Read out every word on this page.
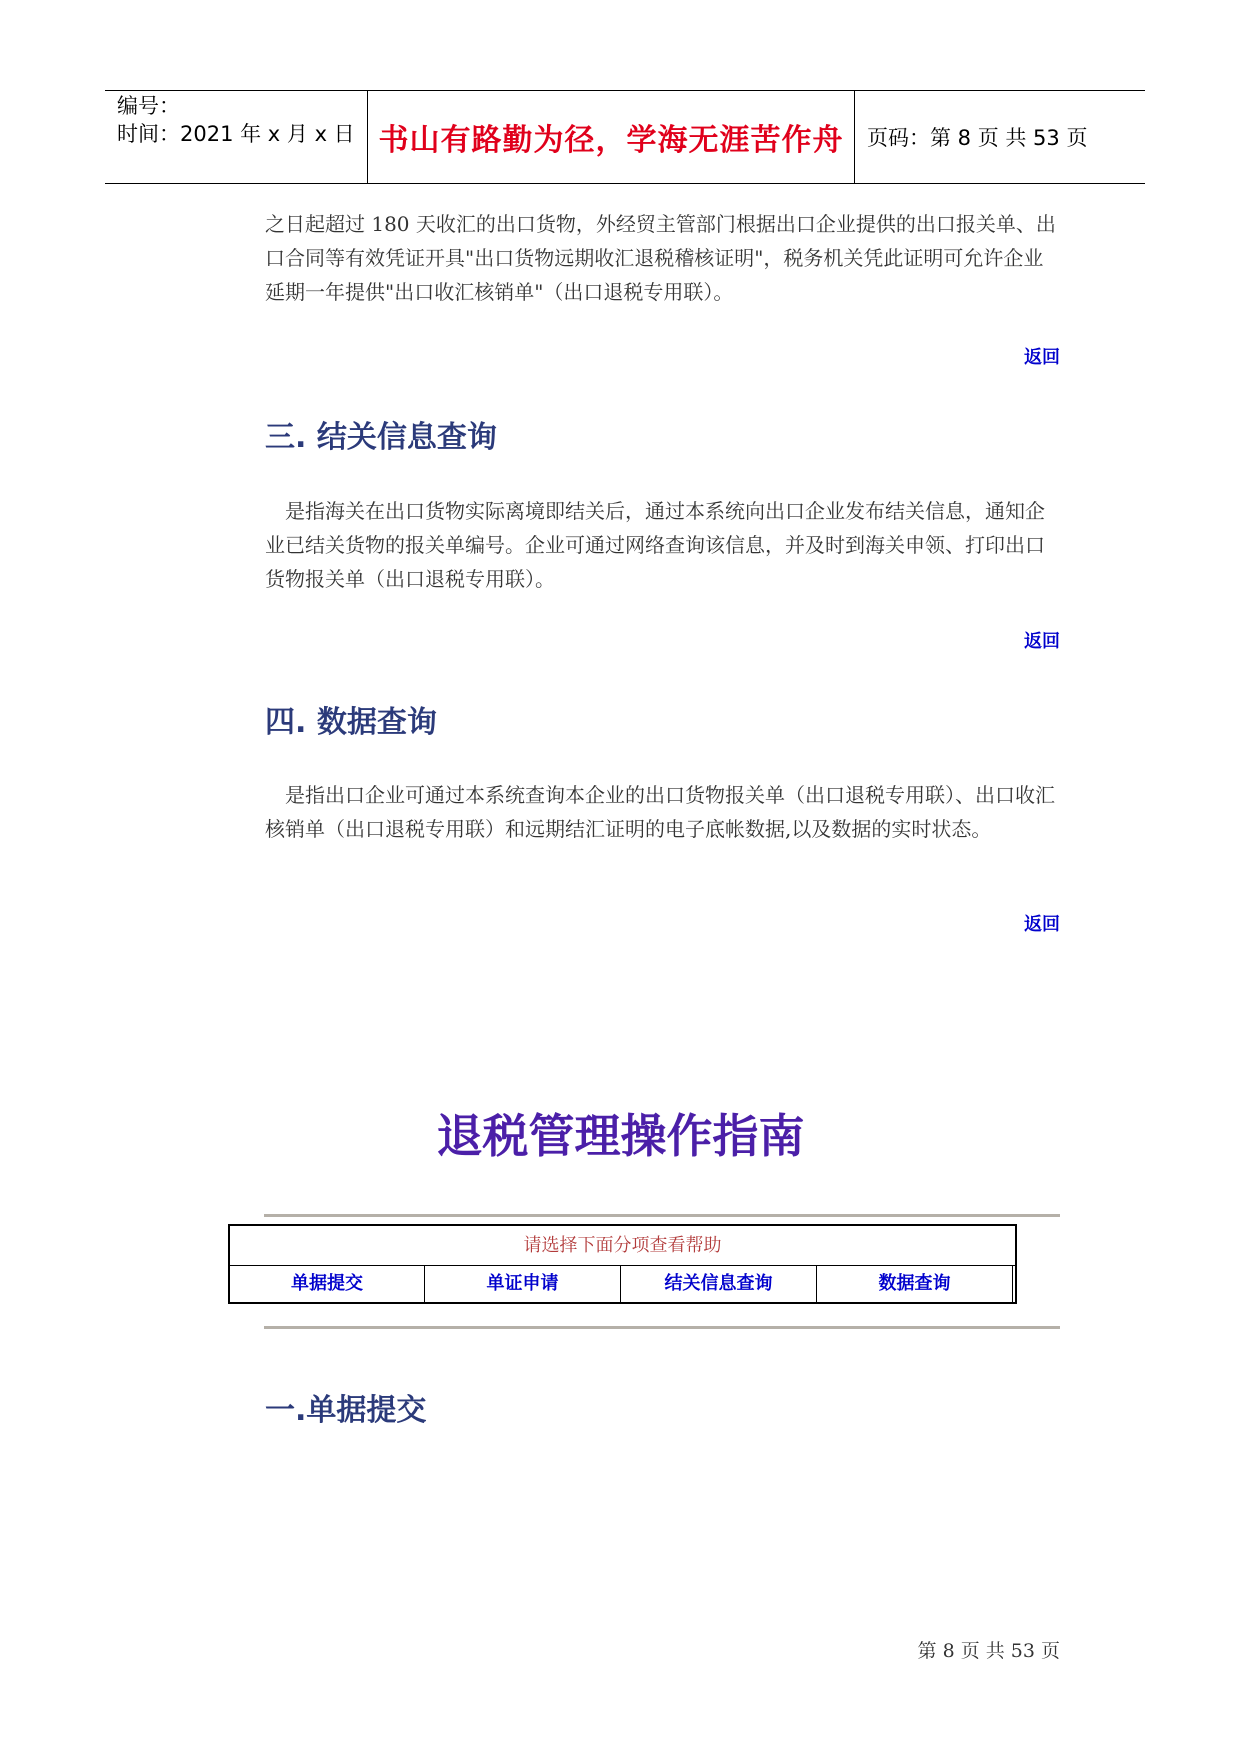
编号：
时间：2021 年 x 月 x 日 书山有路勤为径，学海无涯苦作舟 页码：第 8 页 共 53 页
之日起超过 180 天收汇的出口货物，外经贸主管部门根据出口企业提供的出口报关单、出口合同等有效凭证开具"出口货物远期收汇退税稽核证明"，税务机关凭此证明可允许企业延期一年提供"出口收汇核销单"（出口退税专用联）。
返回
三. 结关信息查询
是指海关在出口货物实际离境即结关后，通过本系统向出口企业发布结关信息，通知企业已结关货物的报关单编号。企业可通过网络查询该信息，并及时到海关申领、打印出口货物报关单（出口退税专用联）。
返回
四. 数据查询
是指出口企业可通过本系统查询本企业的出口货物报关单（出口退税专用联）、出口收汇核销单（出口退税专用联）和远期结汇证明的电子底帐数据,以及数据的实时状态。
返回
退税管理操作指南
请选择下面分项查看帮助
单据提交	单证申请	结关信息查询	数据查询
一.单据提交
第 8 页 共 53 页
